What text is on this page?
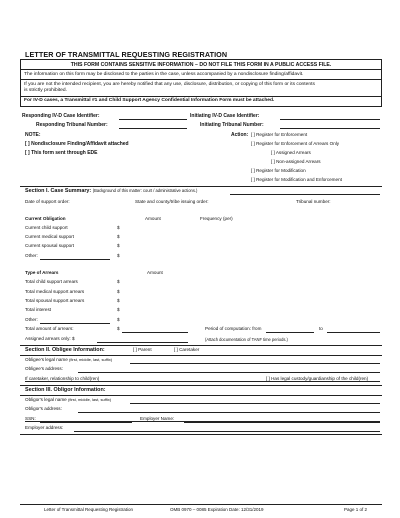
LETTER OF TRANSMITTAL REQUESTING REGISTRATION
THIS FORM CONTAINS SENSITIVE INFORMATION – DO NOT FILE THIS FORM IN A PUBLIC ACCESS FILE.
The information on this form may be disclosed to the parties in the case, unless accompanied by a nondisclosure finding/affidavit.
If you are not the intended recipient, you are hereby notified that any use, disclosure, distribution, or copying of this form or its contents
is strictly prohibited.
For IV-D cases, a Transmittal #1 and Child Support Agency Confidential Information Form must be attached.
Responding IV-D Case Identifier:	Initiating IV-D Case Identifier:
Responding Tribunal Number:	Initiating Tribunal Number:
NOTE:
[ ] Nondisclosure Finding/Affidavit attached
[ ] This form sent through EDE
Action: [ ] Register for Enforcement
[ ] Register for Enforcement of Arrears Only
[ ] Assigned Arrears
[ ] Non-assigned Arrears
[ ] Register for Modification
[ ] Register for Modification and Enforcement
Section I. Case Summary: (Background of this matter: court / administrative actions.)
Date of support order:	State and county/tribe issuing order:	Tribunal number:
Current Obligation	Amount	Frequency (per)
Current child support	$
Current medical support	$
Current spousal support	$
Other:	$
Type of Arrears	Amount
Total child support arrears	$
Total medical support arrears	$
Total spousal support arrears	$
Total interest	$
Other:	$
Total amount of arrears:	$	Period of computation: from	to
Assigned arrears only: $	(Attach documentation of TANF time periods.)
Section II. Obligee Information:	[ ] Parent	[ ] Caretaker
Obligee's legal name (first, middle, last, suffix)
Obligee's address:
If caretaker, relationship to child(ren)	[ ] Has legal custody/guardianship of the child(ren)
Section III. Obligor Information:
Obligor's legal name (first, middle, last, suffix)
Obligor's address:
SSN:	Employer Name:
Employer address:
Letter of Transmittal Requesting Registration	OMB 0970 – 0085 Expiration Date: 12/31/2019	Page 1 of 2
